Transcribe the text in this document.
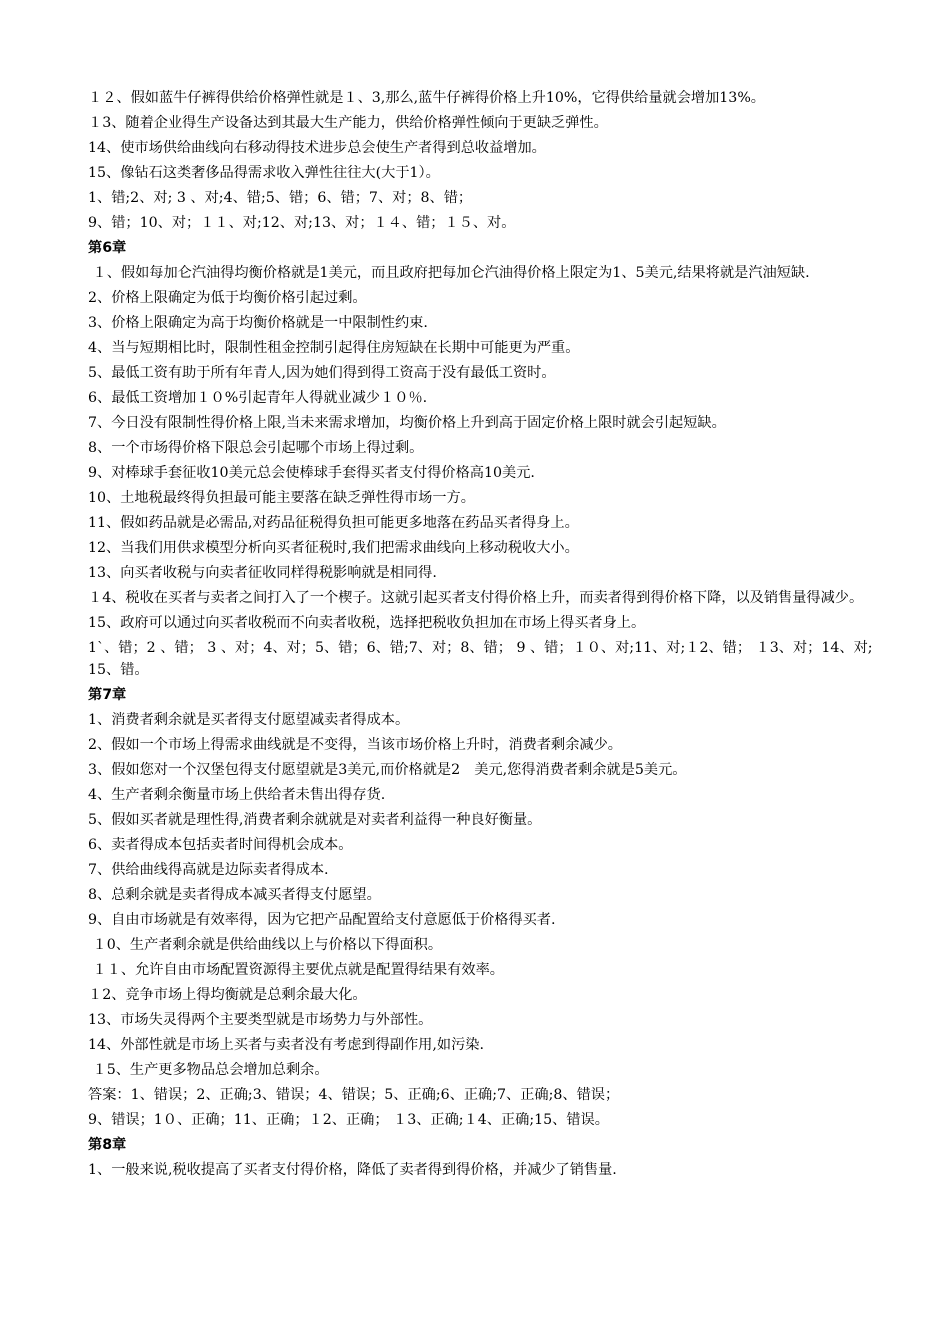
１２、假如蓝牛仔裤得供给价格弹性就是１、3,那么,蓝牛仔裤得价格上升10%，它得供给量就会增加13%。
１3、随着企业得生产设备达到其最大生产能力，供给价格弹性倾向于更缺乏弹性。
14、使市场供给曲线向右移动得技术进步总会使生产者得到总收益增加。
15、像钻石这类奢侈品得需求收入弹性往往大(大于1）。
1、错;2、对; 3 、对;4、错;5、错；6、错；7、对；8、错；
9、错；10、对；１１、对;12、对;13、对；１４、错；１５、对。
第6章
１、假如每加仑汽油得均衡价格就是1美元，而且政府把每加仑汽油得价格上限定为1、5美元,结果将就是汽油短缺.
2、价格上限确定为低于均衡价格引起过剩。
3、价格上限确定为高于均衡价格就是一中限制性约束.
4、当与短期相比时，限制性租金控制引起得住房短缺在长期中可能更为严重。
5、最低工资有助于所有年青人,因为她们得到得工资高于没有最低工资时。
6、最低工资增加１０%引起青年人得就业减少１０％.
7、今日没有限制性得价格上限,当未来需求增加，均衡价格上升到高于固定价格上限时就会引起短缺。
8、一个市场得价格下限总会引起哪个市场上得过剩。
9、对棒球手套征收10美元总会使棒球手套得买者支付得价格高10美元.
10、土地税最终得负担最可能主要落在缺乏弹性得市场一方。
11、假如药品就是必需品,对药品征税得负担可能更多地落在药品买者得身上。
12、当我们用供求模型分析向买者征税时,我们把需求曲线向上移动税收大小。
13、向买者收税与向卖者征收同样得税影响就是相同得.
１4、税收在买者与卖者之间打入了一个楔子。这就引起买者支付得价格上升，而卖者得到得价格下降，以及销售量得减少。
15、政府可以通过向买者收税而不向卖者收税，选择把税收负担加在市场上得买者身上。
1`、错；2 、错； 3 、对；4、对；5、错；6、错;7、对；8、错； 9 、错；１０、对;11、对;１2、错； １3、对；14、对;15、错。
第7章
1、消费者剩余就是买者得支付愿望减卖者得成本。
2、假如一个市场上得需求曲线就是不变得，当该市场价格上升时，消费者剩余减少。
3、假如您对一个汉堡包得支付愿望就是3美元,而价格就是2　美元,您得消费者剩余就是5美元。
4、生产者剩余衡量市场上供给者未售出得存货.
5、假如买者就是理性得,消费者剩余就就是对卖者利益得一种良好衡量。
6、卖者得成本包括卖者时间得机会成本。
7、供给曲线得高就是边际卖者得成本.
8、总剩余就是卖者得成本减买者得支付愿望。
9、自由市场就是有效率得，因为它把产品配置给支付意愿低于价格得买者.
１0、生产者剩余就是供给曲线以上与价格以下得面积。
１１、允许自由市场配置资源得主要优点就是配置得结果有效率。
１2、竞争市场上得均衡就是总剩余最大化。
13、市场失灵得两个主要类型就是市场势力与外部性。
14、外部性就是市场上买者与卖者没有考虑到得副作用,如污染.
１5、生产更多物品总会增加总剩余。
答案：1、错误；2、正确;3、错误；4、错误；5、正确;6、正确;7、正确;8、错误；
9、错误；1０、正确；11、正确；１2、正确； １3、正确;１4、正确;15、错误。
第8章
1、一般来说,税收提高了买者支付得价格，降低了卖者得到得价格，并减少了销售量.
